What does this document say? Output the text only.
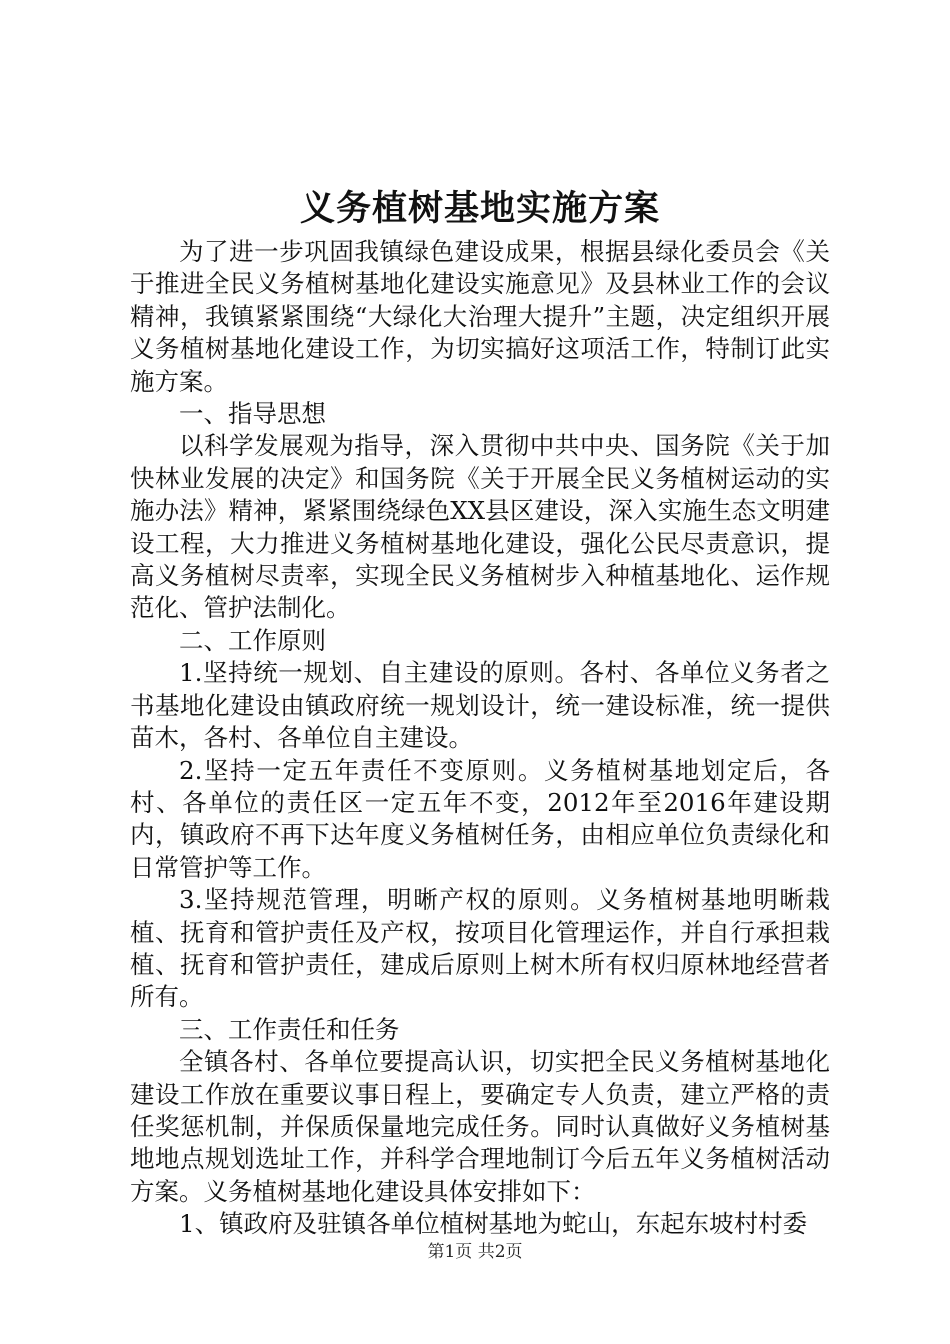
义务植树基地实施方案

为了进一步巩固我镇绿色建设成果，根据县绿化委员会《关于推进全民义务植树基地化建设实施意见》及县林业工作的会议精神，我镇紧紧围绕“大绿化大治理大提升”主题，决定组织开展义务植树基地化建设工作，为切实搞好这项活工作，特制订此实施方案。

一、指导思想

以科学发展观为指导，深入贯彻中共中央、国务院《关于加快林业发展的决定》和国务院《关于开展全民义务植树运动的实施办法》精神，紧紧围绕绿色XX县区建设，深入实施生态文明建设工程，大力推进义务植树基地化建设，强化公民尽责意识，提高义务植树尽责率，实现全民义务植树步入种植基地化、运作规范化、管护法制化。

二、工作原则

1.坚持统一规划、自主建设的原则。各村、各单位义务者之书基地化建设由镇政府统一规划设计，统一建设标准，统一提供苗木，各村、各单位自主建设。

2.坚持一定五年责任不变原则。义务植树基地划定后，各村、各单位的责任区一定五年不变，2012年至2016年建设期内，镇政府不再下达年度义务植树任务，由相应单位负责绿化和日常管护等工作。

3.坚持规范管理，明晰产权的原则。义务植树基地明晰栽植、抚育和管护责任及产权，按项目化管理运作，并自行承担栽植、抚育和管护责任，建成后原则上树木所有权归原林地经营者所有。

三、工作责任和任务

全镇各村、各单位要提高认识，切实把全民义务植树基地化建设工作放在重要议事日程上，要确定专人负责，建立严格的责任奖惩机制，并保质保量地完成任务。同时认真做好义务植树基地地点规划选址工作，并科学合理地制订今后五年义务植树活动方案。义务植树基地化建设具体安排如下：

1、镇政府及驻镇各单位植树基地为蛇山，东起东坡村村委

第1页 共2页
